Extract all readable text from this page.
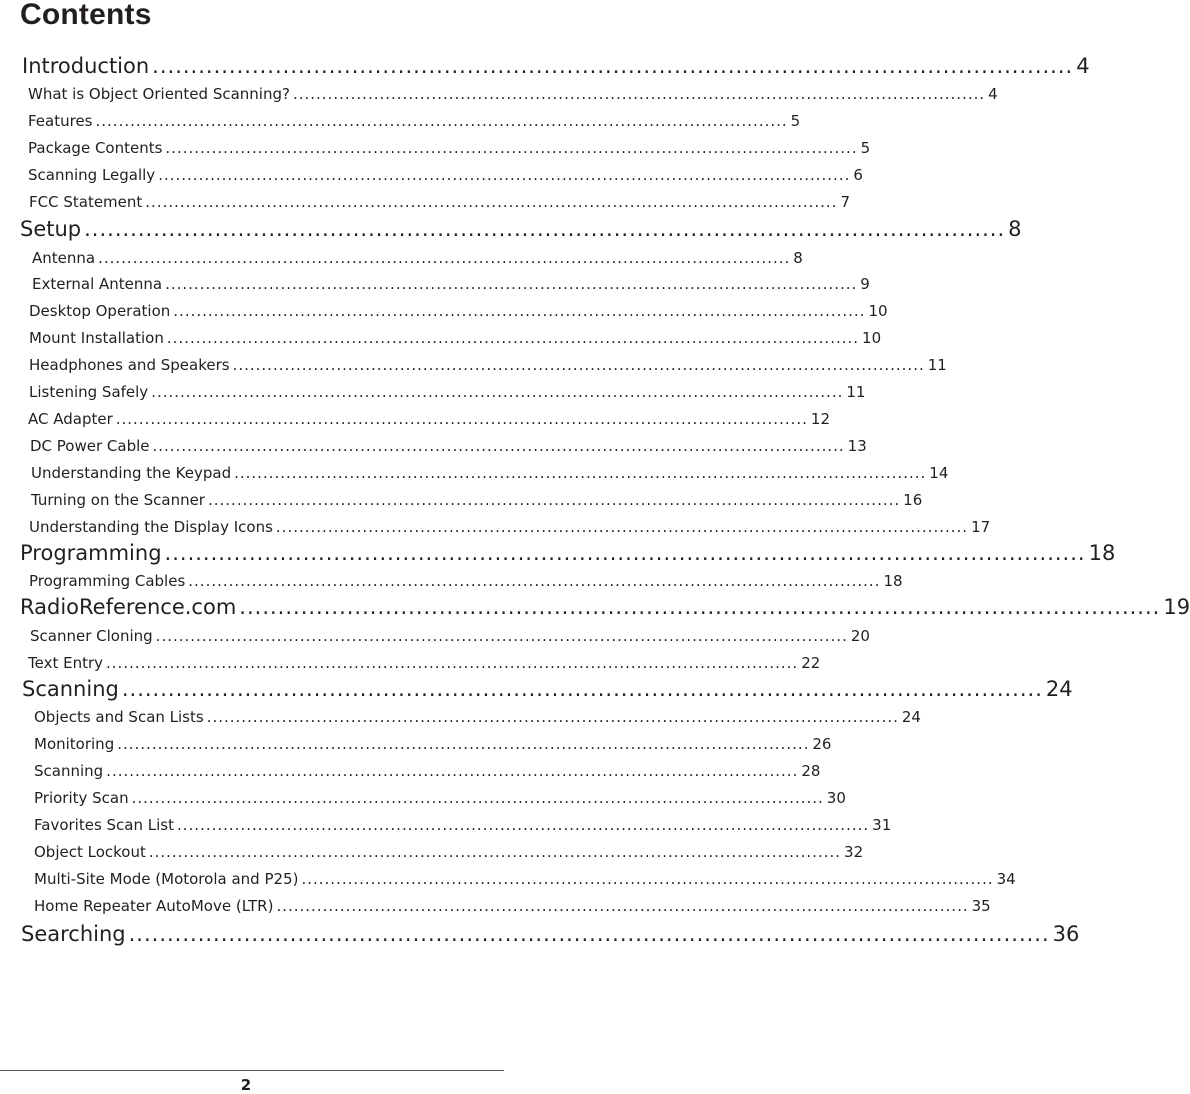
Contents
Introduction ........................................................................................................................ 4
What is Object Oriented Scanning? ........................................................................................................................ 4
Features ........................................................................................................................ 5
Package Contents ........................................................................................................................ 5
Scanning Legally ........................................................................................................................ 6
FCC Statement ........................................................................................................................ 7
Setup ........................................................................................................................ 8
Antenna ........................................................................................................................ 8
External Antenna ........................................................................................................................ 9
Desktop Operation ........................................................................................................................ 10
Mount Installation ........................................................................................................................ 10
Headphones and Speakers ........................................................................................................................ 11
Listening Safely ........................................................................................................................ 11
AC Adapter ........................................................................................................................ 12
DC Power Cable ........................................................................................................................ 13
Understanding the Keypad ........................................................................................................................ 14
Turning on the Scanner ........................................................................................................................ 16
Understanding the Display Icons ........................................................................................................................ 17
Programming ........................................................................................................................ 18
Programming Cables ........................................................................................................................ 18
RadioReference.com ........................................................................................................................ 19
Scanner Cloning ........................................................................................................................ 20
Text Entry ........................................................................................................................ 22
Scanning ........................................................................................................................ 24
Objects and Scan Lists ........................................................................................................................ 24
Monitoring ........................................................................................................................ 26
Scanning ........................................................................................................................ 28
Priority Scan ........................................................................................................................ 30
Favorites Scan List ........................................................................................................................ 31
Object Lockout ........................................................................................................................ 32
Multi-Site Mode (Motorola and P25) ........................................................................................................................ 34
Home Repeater AutoMove (LTR) ........................................................................................................................ 35
Searching ........................................................................................................................ 36
2
